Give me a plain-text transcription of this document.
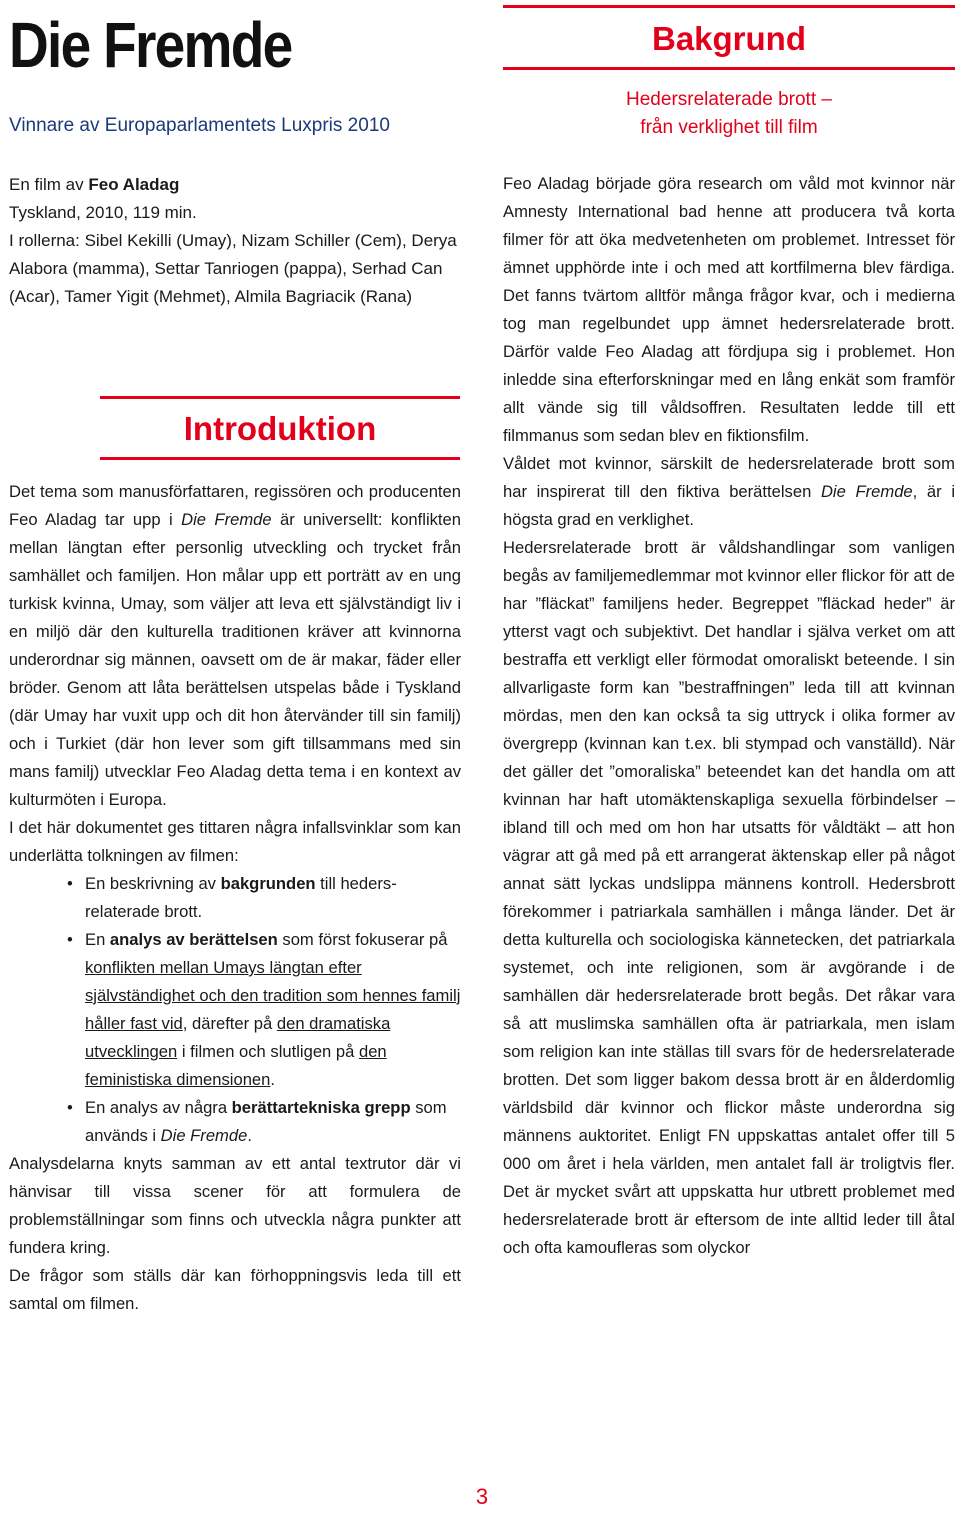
Die Fremde
Vinnare av Europaparlamentets Luxpris 2010

En film av Feo Aladag

Tyskland, 2010, 119 min.

I rollerna: Sibel Kekilli (Umay), Nizam Schiller (Cem), Derya Alabora (mamma), Settar Tanriogen (pappa), Serhad Can (Acar), Tamer Yigit (Mehmet), Almila Bagriacik (Rana)

Introduktion

Det tema som manusförfattaren, regissören och producenten Feo Aladag tar upp i Die Fremde är universellt: konflikten mellan längtan efter personlig utveckling och trycket från samhället och familjen. Hon målar upp ett porträtt av en ung turkisk kvinna, Umay, som väljer att leva ett självständigt liv i en miljö där den kulturella traditionen kräver att kvinnorna underordnar sig männen, oavsett om de är makar, fäder eller bröder. Genom att låta berättelsen utspelas både i Tyskland (där Umay har vuxit upp och dit hon återvänder till sin familj) och i Turkiet (där hon lever som gift tillsammans med sin mans familj) utvecklar Feo Aladag detta tema i en kontext av kulturmöten i Europa.

I det här dokumentet ges tittaren några infallsvinklar som kan underlätta tolkningen av filmen:

• En beskrivning av bakgrunden till heders- relaterade brott.
• En analys av berättelsen som först fokuserar på konflikten mellan Umays längtan efter självständighet och den tradition som hennes familj håller fast vid, därefter på den dramatiska utvecklingen i filmen och slutligen på den feministiska dimensionen.
• En analys av några berättartekniska grepp som används i Die Fremde.

Analysdelarna knyts samman av ett antal textrutor där vi hänvisar till vissa scener för att formulera de problemställningar som finns och utveckla några punkter att fundera kring.

De frågor som ställs där kan förhoppningsvis leda till ett samtal om filmen.

Bakgrund

Hedersrelaterade brott –

från verklighet till film

Feo Aladag började göra research om våld mot kvinnor när Amnesty International bad henne att producera två korta filmer för att öka medvetenheten om problemet. Intresset för ämnet upphörde inte i och med att kortfilmerna blev färdiga. Det fanns tvärtom alltför många frågor kvar, och i medierna tog man regelbundet upp ämnet hedersrelaterade brott. Därför valde Feo Aladag att fördjupa sig i problemet. Hon inledde sina efterforskningar med en lång enkät som framför allt vände sig till våldsoffren. Resultaten ledde till ett filmmanus som sedan blev en fiktionsfilm.

Våldet mot kvinnor, särskilt de hedersrelaterade brott som har inspirerat till den fiktiva berättelsen Die Fremde, är i högsta grad en verklighet.

Hedersrelaterade brott är våldshandlingar som vanligen begås av familjemedlemmar mot kvinnor eller flickor för att de har ”fläckat” familjens heder. Begreppet ”fläckad heder” är ytterst vagt och subjektivt. Det handlar i själva verket om att bestraffa ett verkligt eller förmodat omoraliskt beteende. I sin allvarligaste form kan ”bestraffningen” leda till att kvinnan mördas, men den kan också ta sig uttryck i olika former av övergrepp (kvinnan kan t.ex. bli stympad och vanställd). När det gäller det ”omoraliska” beteendet kan det handla om att kvinnan har haft utomäktenskapliga sexuella förbindelser – ibland till och med om hon har utsatts för våldtäkt – att hon vägrar att gå med på ett arrangerat äktenskap eller på något annat sätt lyckas undslippa männens kontroll. Hedersbrott förekommer i patriarkala samhällen i många länder. Det är detta kulturella och sociologiska kännetecken, det patriarkala systemet, och inte religionen, som är avgörande i de samhällen där hedersrelaterade brott begås. Det råkar vara så att muslimska samhällen ofta är patriarkala, men islam som religion kan inte ställas till svars för de hedersrelaterade brotten. Det som ligger bakom dessa brott är en ålderdomlig världsbild där kvinnor och flickor måste underordna sig männens auktoritet. Enligt FN uppskattas antalet offer till 5 000 om året i hela världen, men antalet fall är troligtvis fler. Det är mycket svårt att uppskatta hur utbrett problemet med hedersrelaterade brott är eftersom de inte alltid leder till åtal och ofta kamoufleras som olyckor

3
